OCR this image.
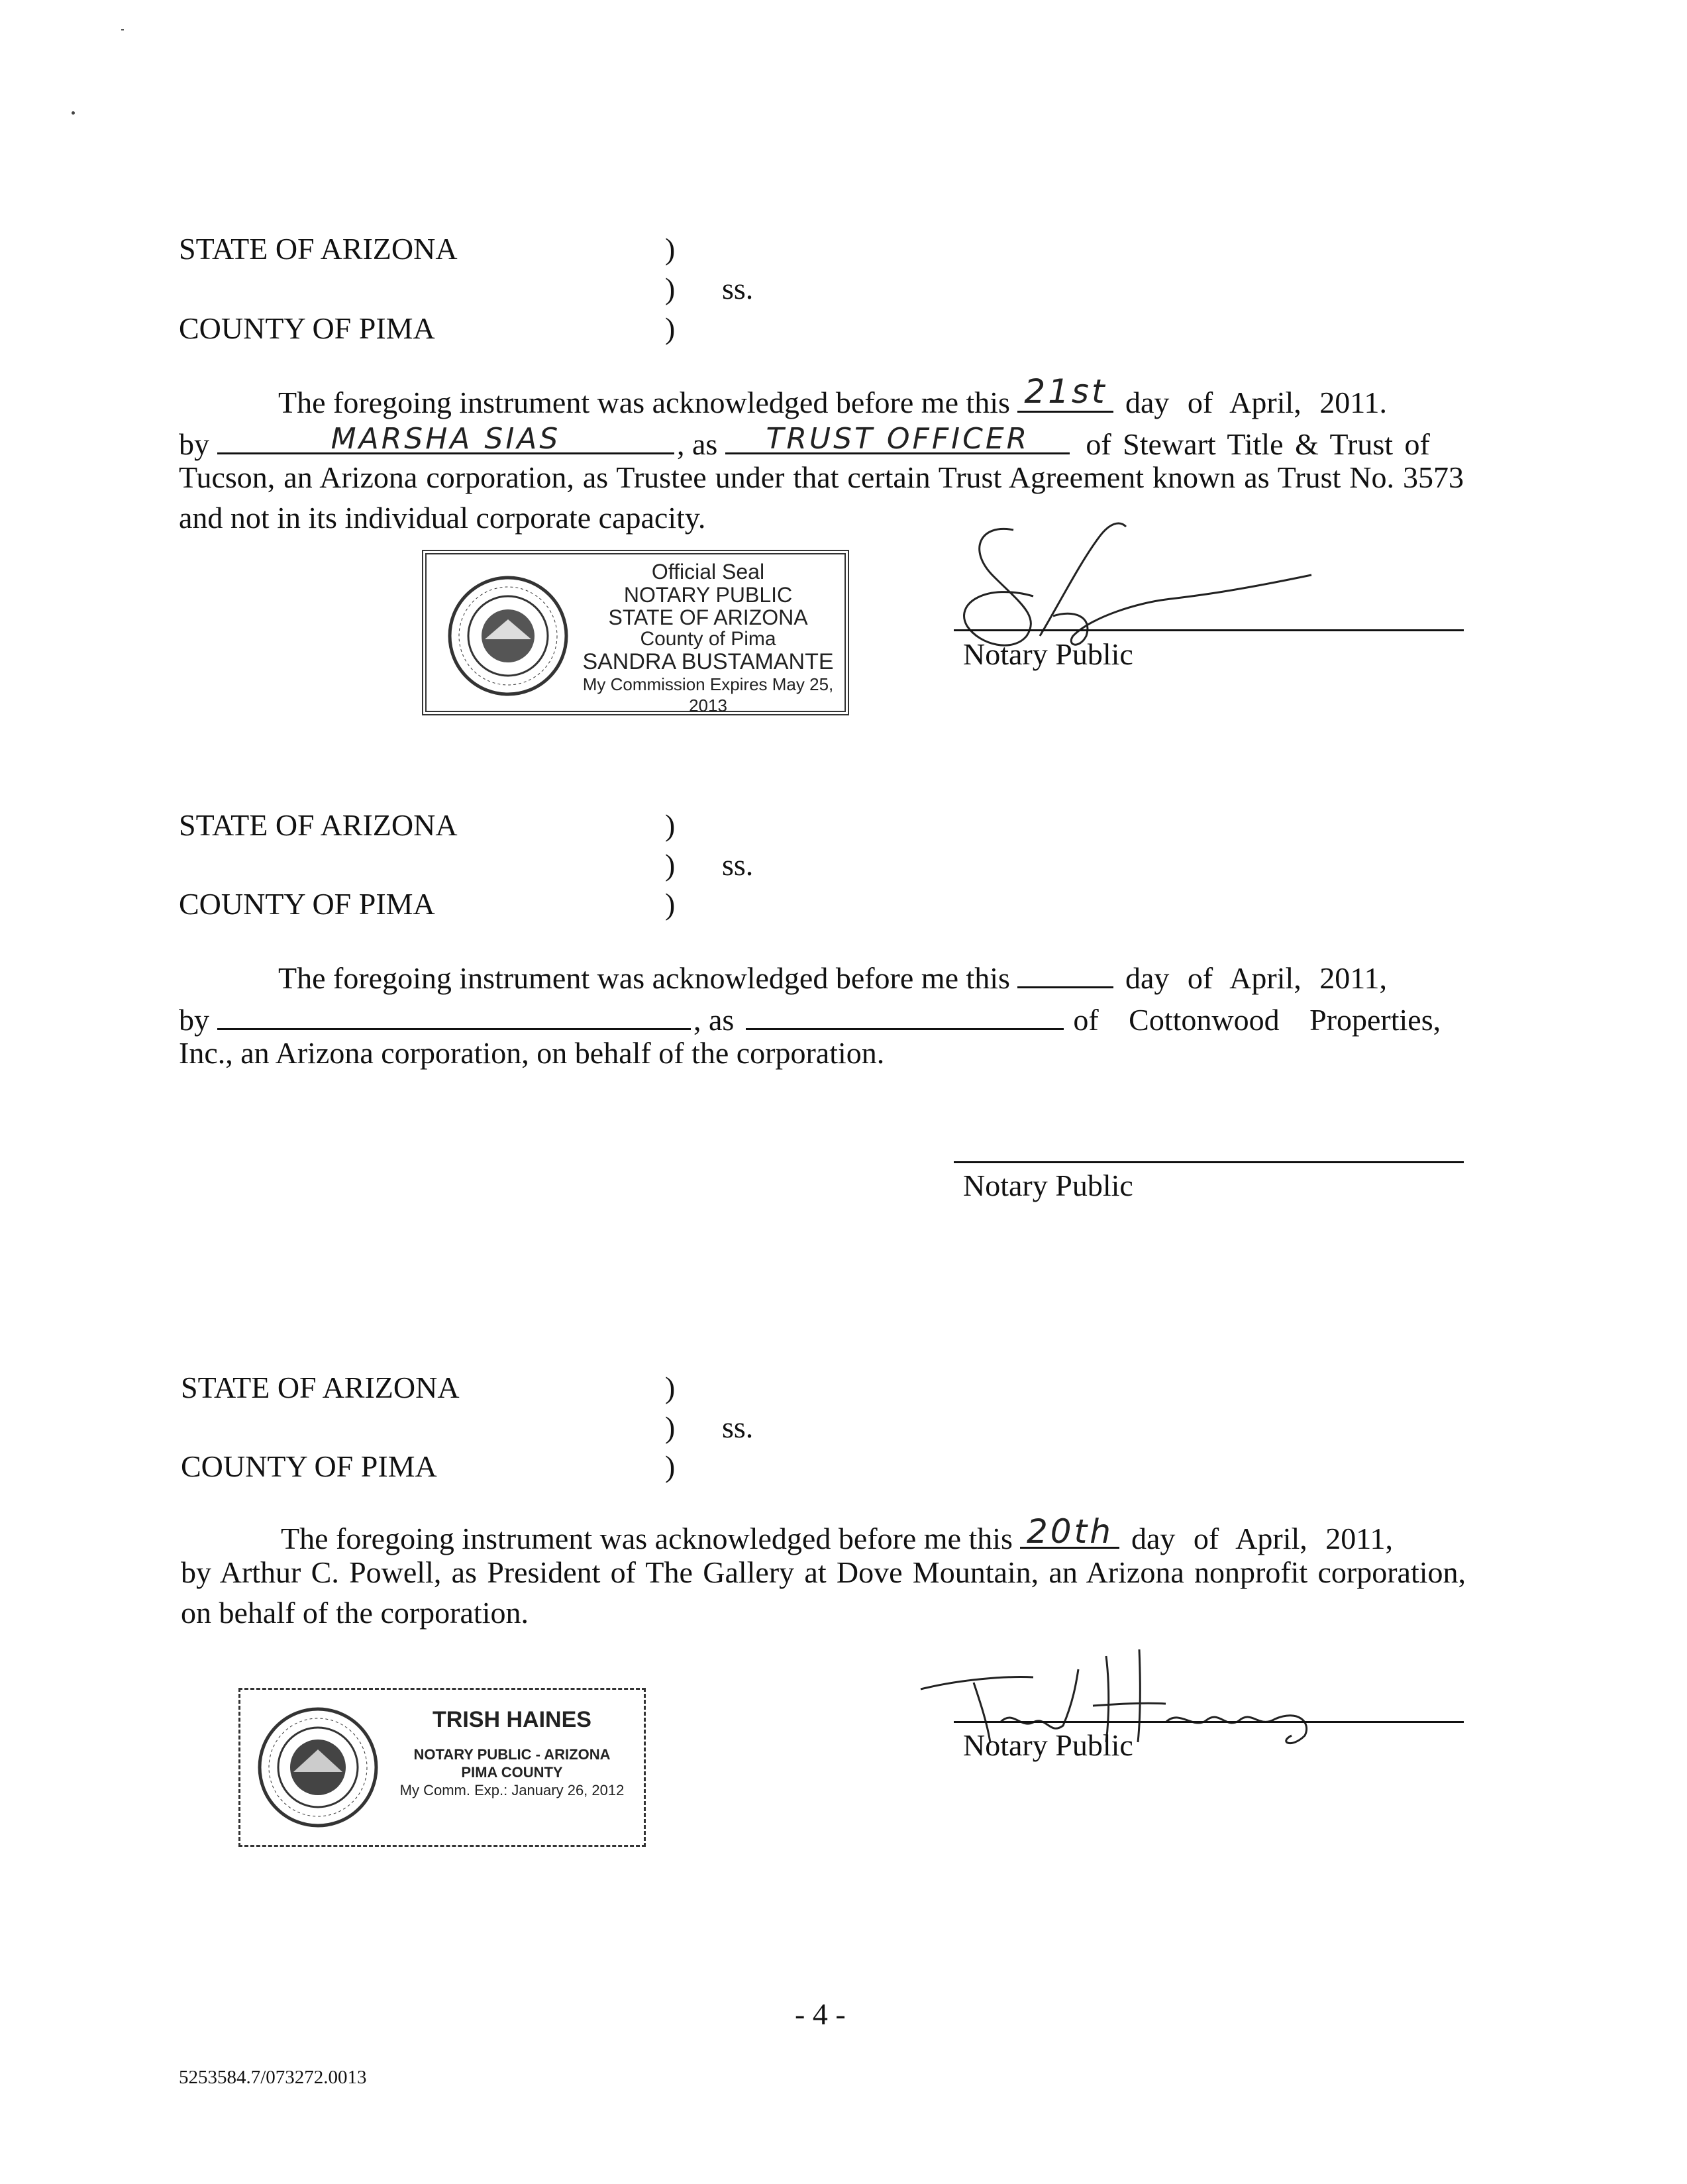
STATE OF ARIZONA	)
) ss.
COUNTY OF PIMA	)
The foregoing instrument was acknowledged before me this 21st day of April, 2011.
by	MARSHA SIAS	, as	TRUST OFFICER	of Stewart Title & Trust of
Tucson, an Arizona corporation, as Trustee under that certain Trust Agreement known as Trust No. 3573 and not in its individual corporate capacity.
Notary Public
Official Seal
NOTARY PUBLIC
STATE OF ARIZONA
County of Pima
SANDRA BUSTAMANTE
My Commission Expires May 25, 2013
STATE OF ARIZONA	)
) ss.
COUNTY OF PIMA	)
The foregoing instrument was acknowledged before me this	day of April, 2011,
by	, as	of Cottonwood Properties,
Inc., an Arizona corporation, on behalf of the corporation.
Notary Public
STATE OF ARIZONA	)
) ss.
COUNTY OF PIMA	)
The foregoing instrument was acknowledged before me this 20th day of April, 2011,
by Arthur C. Powell, as President of The Gallery at Dove Mountain, an Arizona nonprofit corporation, on behalf of the corporation.
Notary Public
TRISH HAINES
NOTARY PUBLIC - ARIZONA
PIMA COUNTY
My Comm. Exp.: January 26, 2012
- 4 -
5253584.7/073272.0013
